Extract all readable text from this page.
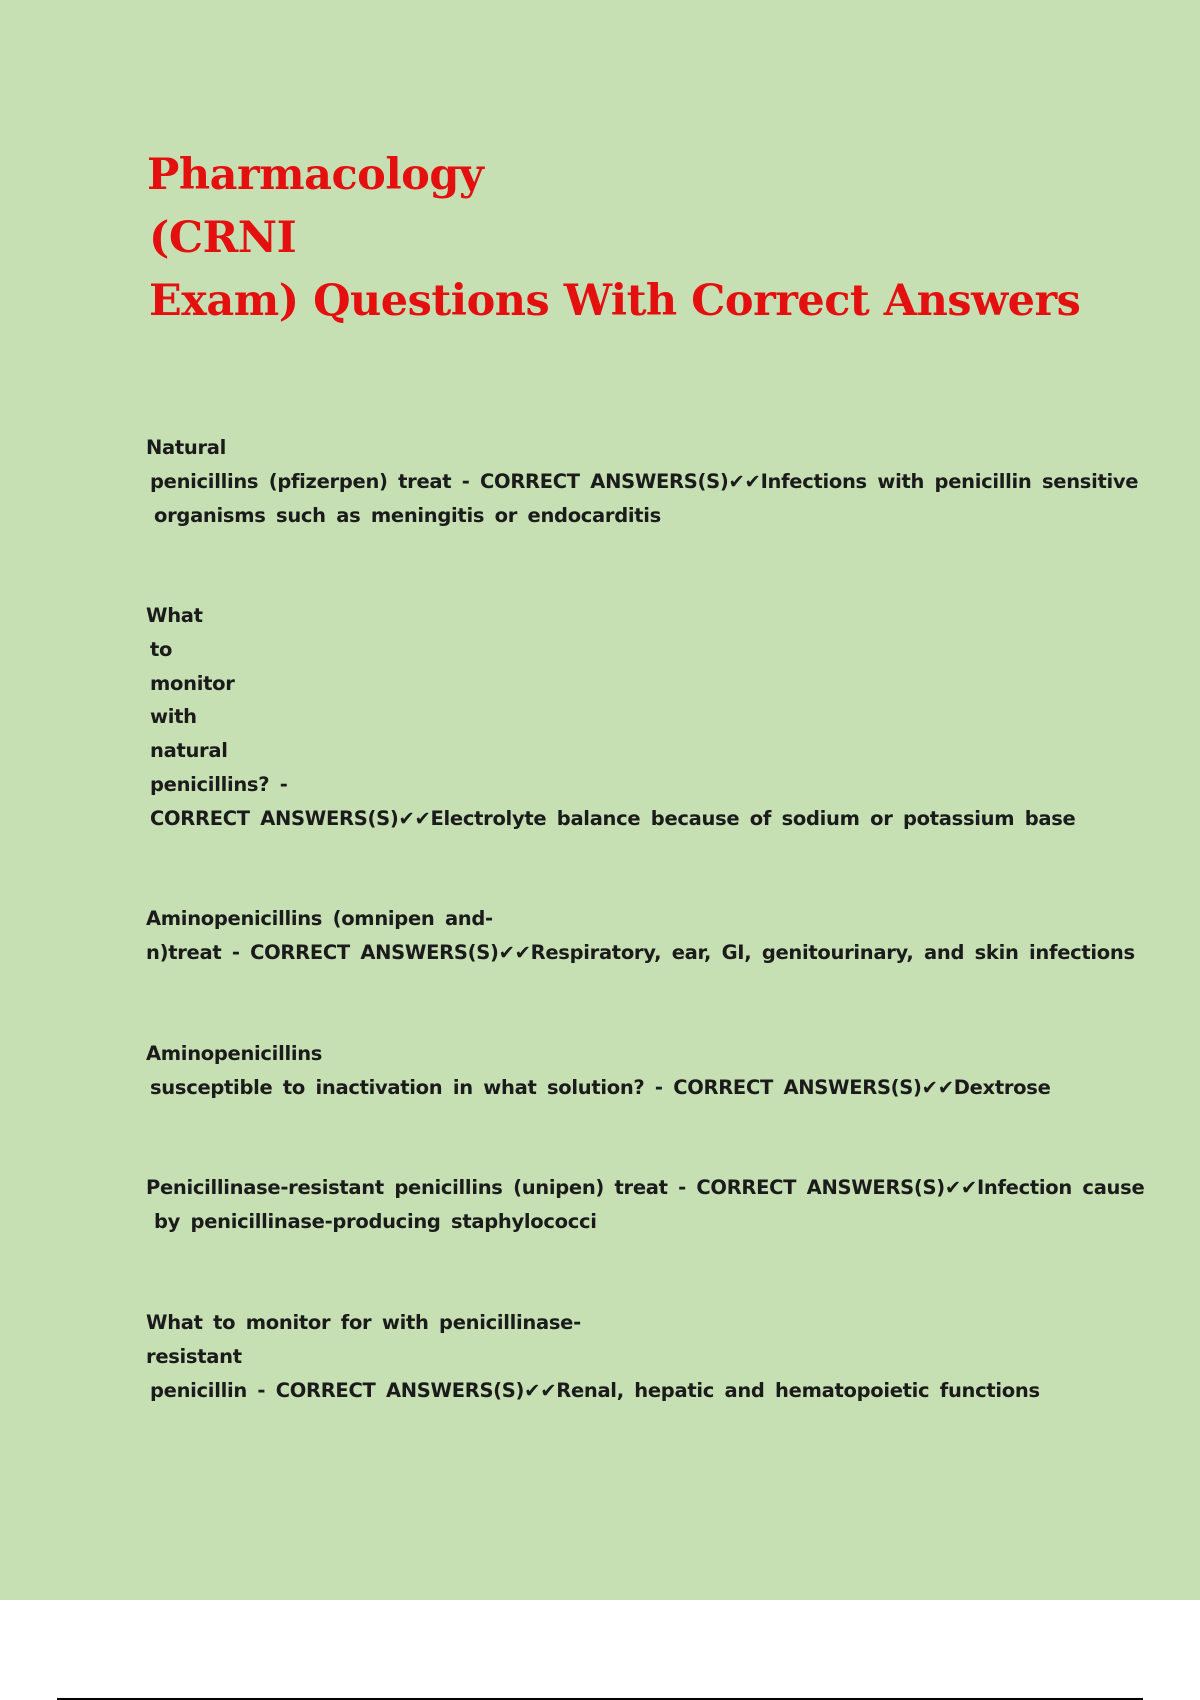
Pharmacology
(CRNI
Exam) Questions With Correct Answers

Natural
penicillins (pfizerpen) treat - CORRECT ANSWERS(S)✔✔Infections with penicillin sensitive
organisms such as meningitis or endocarditis

What
to
monitor
with
natural
penicillins? -
CORRECT ANSWERS(S)✔✔Electrolyte balance because of sodium or potassium base

Aminopenicillins (omnipen and-
n)treat - CORRECT ANSWERS(S)✔✔Respiratory, ear, GI, genitourinary, and skin infections

Aminopenicillins
susceptible to inactivation in what solution? - CORRECT ANSWERS(S)✔✔Dextrose

Penicillinase-resistant penicillins (unipen) treat - CORRECT ANSWERS(S)✔✔Infection cause
by penicillinase-producing staphylococci

What to monitor for with penicillinase-
resistant
penicillin - CORRECT ANSWERS(S)✔✔Renal, hepatic and hematopoietic functions
